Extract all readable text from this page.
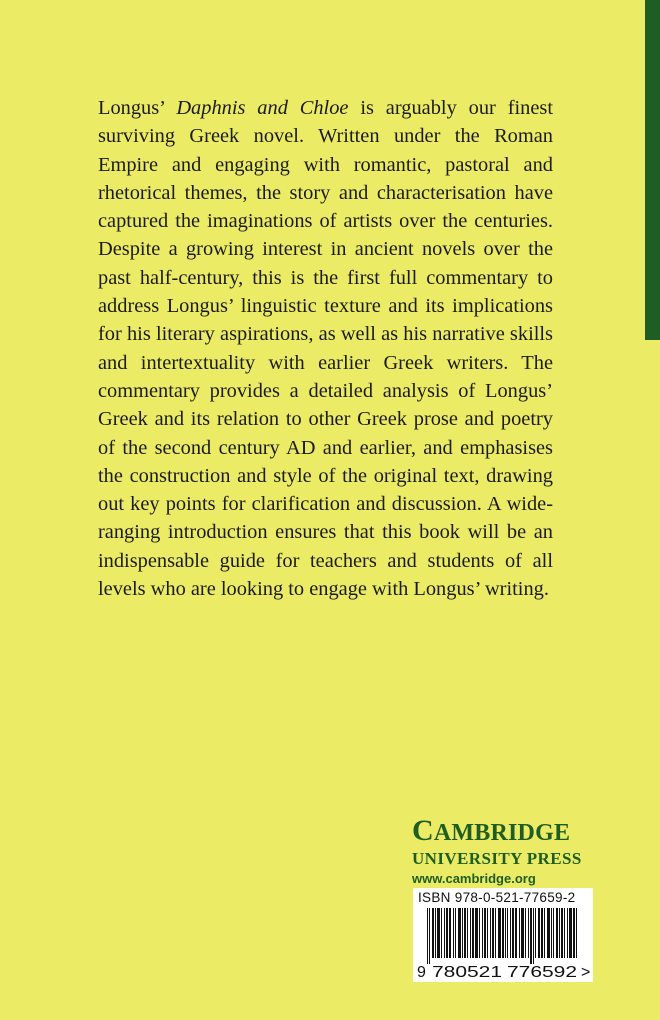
Longus’ Daphnis and Chloe is arguably our finest surviving Greek novel. Written under the Roman Empire and engaging with romantic, pastoral and rhetorical themes, the story and characterisation have captured the imaginations of artists over the centuries. Despite a growing interest in ancient novels over the past half-century, this is the first full commentary to address Longus’ linguistic texture and its implications for his literary aspirations, as well as his narrative skills and intertextuality with earlier Greek writers. The commentary provides a detailed analysis of Longus’ Greek and its relation to other Greek prose and poetry of the second century AD and earlier, and emphasises the construction and style of the original text, drawing out key points for clarification and discussion. A wide-ranging introduction ensures that this book will be an indispensable guide for teachers and students of all levels who are looking to engage with Longus’ writing.

CAMBRIDGE
UNIVERSITY PRESS
www.cambridge.org
ISBN 978-0-521-77659-2
9 780521 776592 >
